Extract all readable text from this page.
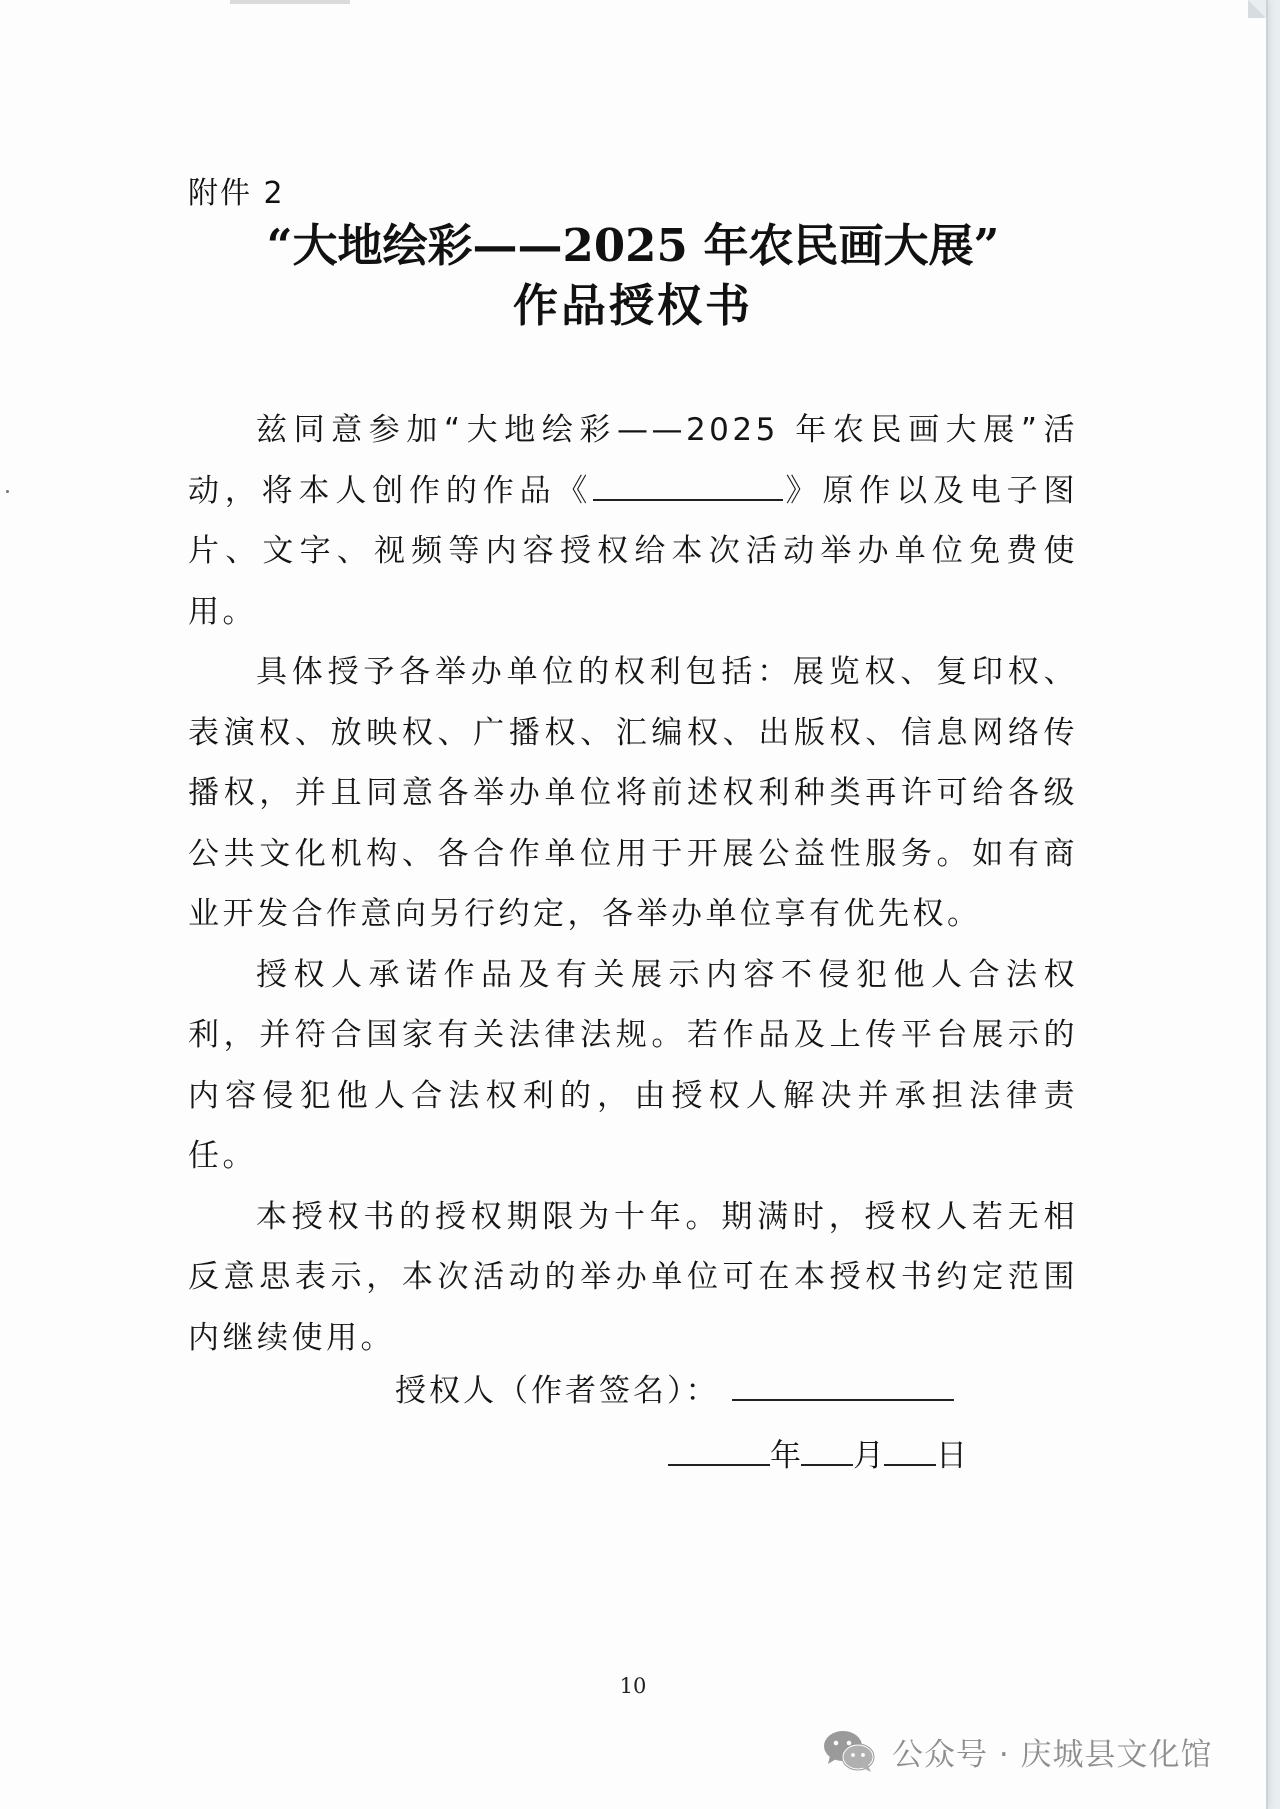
附件 2
“大地绘彩——2025 年农民画大展”
作品授权书

兹同意参加“大地绘彩——2025 年农民画大展”活动，将本人创作的作品《	》原作以及电子图片、文字、视频等内容授权给本次活动举办单位免费使用。

具体授予各举办单位的权利包括：展览权、复印权、表演权、放映权、广播权、汇编权、出版权、信息网络传播权，并且同意各举办单位将前述权利种类再许可给各级公共文化机构、各合作单位用于开展公益性服务。如有商业开发合作意向另行约定，各举办单位享有优先权。

授权人承诺作品及有关展示内容不侵犯他人合法权利，并符合国家有关法律法规。若作品及上传平台展示的内容侵犯他人合法权利的，由授权人解决并承担法律责任。

本授权书的授权期限为十年。期满时，授权人若无相反意思表示，本次活动的举办单位可在本授权书约定范围内继续使用。

授权人（作者签名）：
年 月 日
10
公众号 · 庆城县文化馆
